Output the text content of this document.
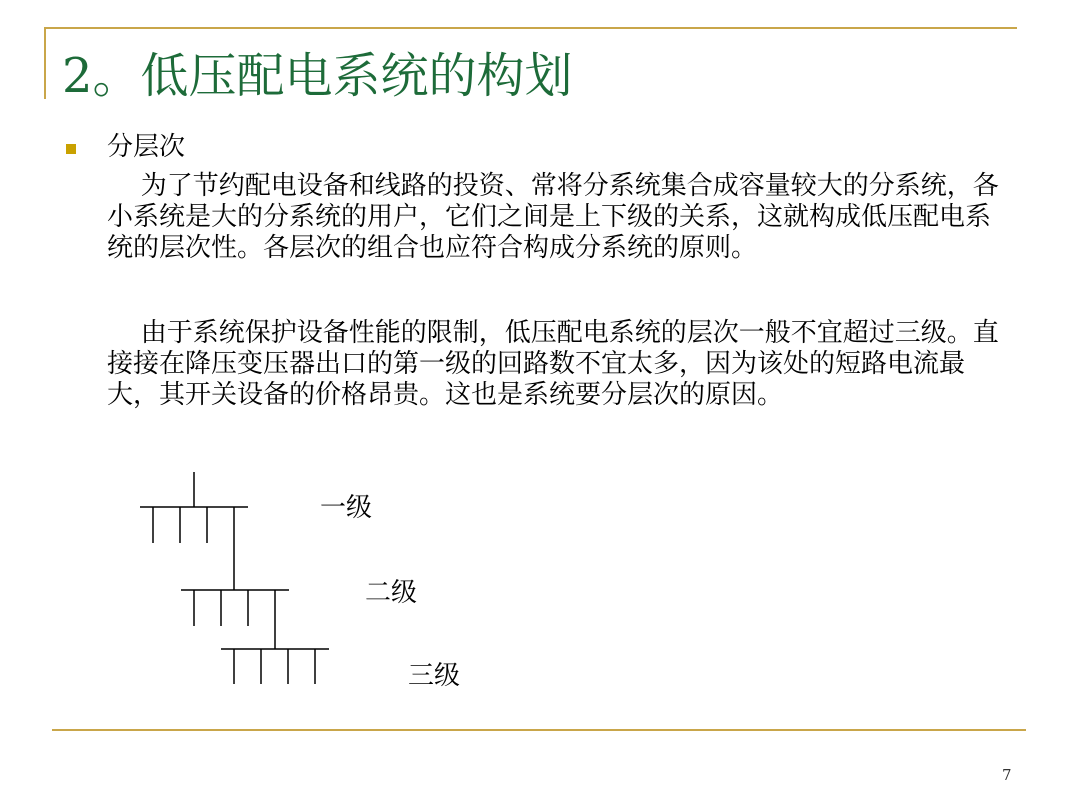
2。低压配电系统的构划
分层次

为了节约配电设备和线路的投资、常将分系统集合成容量较大的分系统，各小系统是大的分系统的用户，它们之间是上下级的关系，这就构成低压配电系统的层次性。各层次的组合也应符合构成分系统的原则。

由于系统保护设备性能的限制，低压配电系统的层次一般不宜超过三级。直接接在降压变压器出口的第一级的回路数不宜太多，因为该处的短路电流最大，其开关设备的价格昂贵。这也是系统要分层次的原因。

一级
二级
三级
7
